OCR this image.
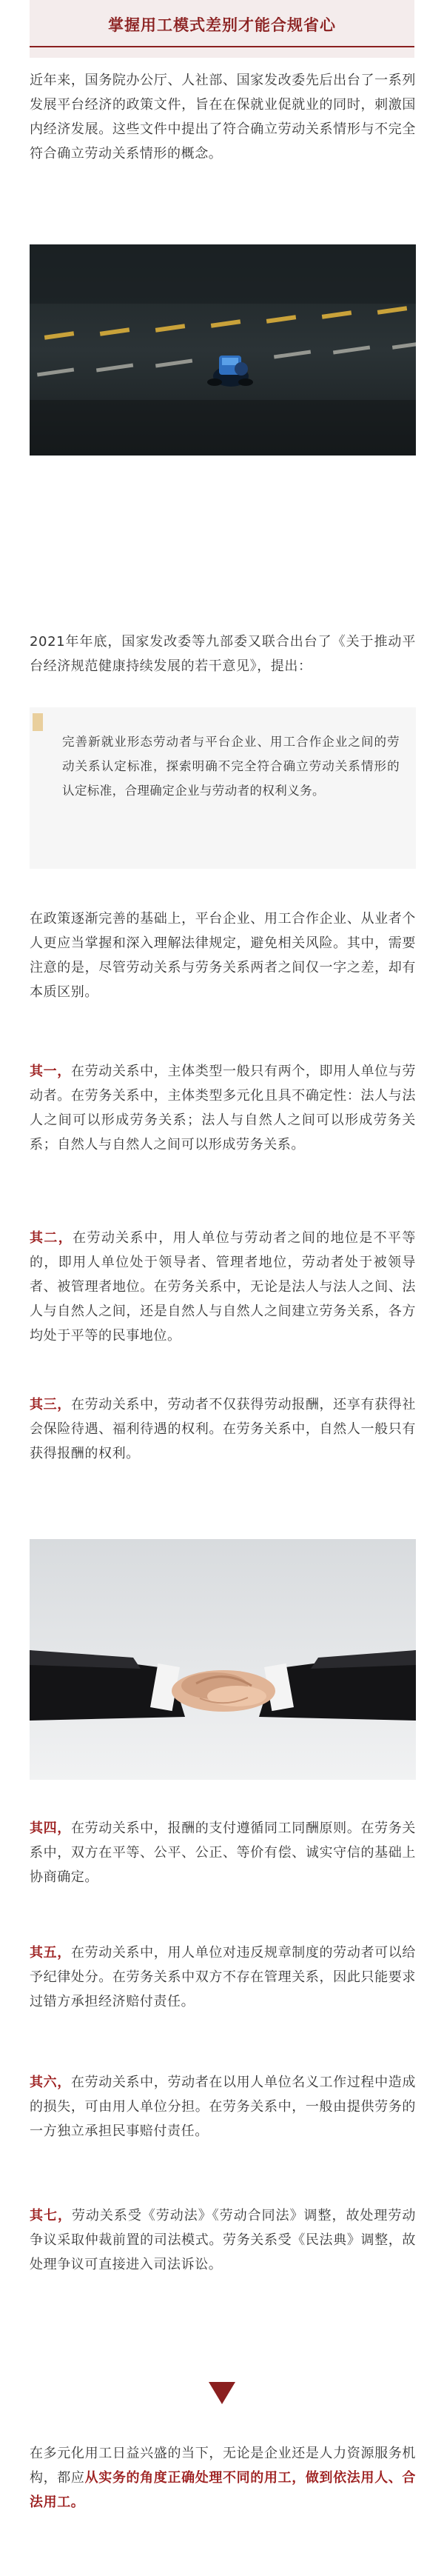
掌握用工模式差别才能合规省心

近年来，国务院办公厅、人社部、国家发改委先后出台了一系列发展平台经济的政策文件，旨在在保就业促就业的同时，刺激国内经济发展。这些文件中提出了符合确立劳动关系情形与不完全符合确立劳动关系情形的概念。

2021年年底，国家发改委等九部委又联合出台了《关于推动平台经济规范健康持续发展的若干意见》，提出：

完善新就业形态劳动者与平台企业、用工合作企业之间的劳动关系认定标准，探索明确不完全符合确立劳动关系情形的认定标准，合理确定企业与劳动者的权利义务。

在政策逐渐完善的基础上，平台企业、用工合作企业、从业者个人更应当掌握和深入理解法律规定，避免相关风险。其中，需要注意的是，尽管劳动关系与劳务关系两者之间仅一字之差，却有本质区别。

其一，在劳动关系中，主体类型一般只有两个，即用人单位与劳动者。在劳务关系中，主体类型多元化且具不确定性：法人与法人之间可以形成劳务关系；法人与自然人之间可以形成劳务关系；自然人与自然人之间可以形成劳务关系。

其二，在劳动关系中，用人单位与劳动者之间的地位是不平等的，即用人单位处于领导者、管理者地位，劳动者处于被领导者、被管理者地位。在劳务关系中，无论是法人与法人之间、法人与自然人之间，还是自然人与自然人之间建立劳务关系，各方均处于平等的民事地位。

其三，在劳动关系中，劳动者不仅获得劳动报酬，还享有获得社会保险待遇、福利待遇的权利。在劳务关系中，自然人一般只有获得报酬的权利。

其四，在劳动关系中，报酬的支付遵循同工同酬原则。在劳务关系中，双方在平等、公平、公正、等价有偿、诚实守信的基础上协商确定。

其五，在劳动关系中，用人单位对违反规章制度的劳动者可以给予纪律处分。在劳务关系中双方不存在管理关系，因此只能要求过错方承担经济赔付责任。

其六，在劳动关系中，劳动者在以用人单位名义工作过程中造成的损失，可由用人单位分担。在劳务关系中，一般由提供劳务的一方独立承担民事赔付责任。

其七，劳动关系受《劳动法》《劳动合同法》调整，故处理劳动争议采取仲裁前置的司法模式。劳务关系受《民法典》调整，故处理争议可直接进入司法诉讼。

在多元化用工日益兴盛的当下，无论是企业还是人力资源服务机构，都应从实务的角度正确处理不同的用工，做到依法用人、合法用工。
